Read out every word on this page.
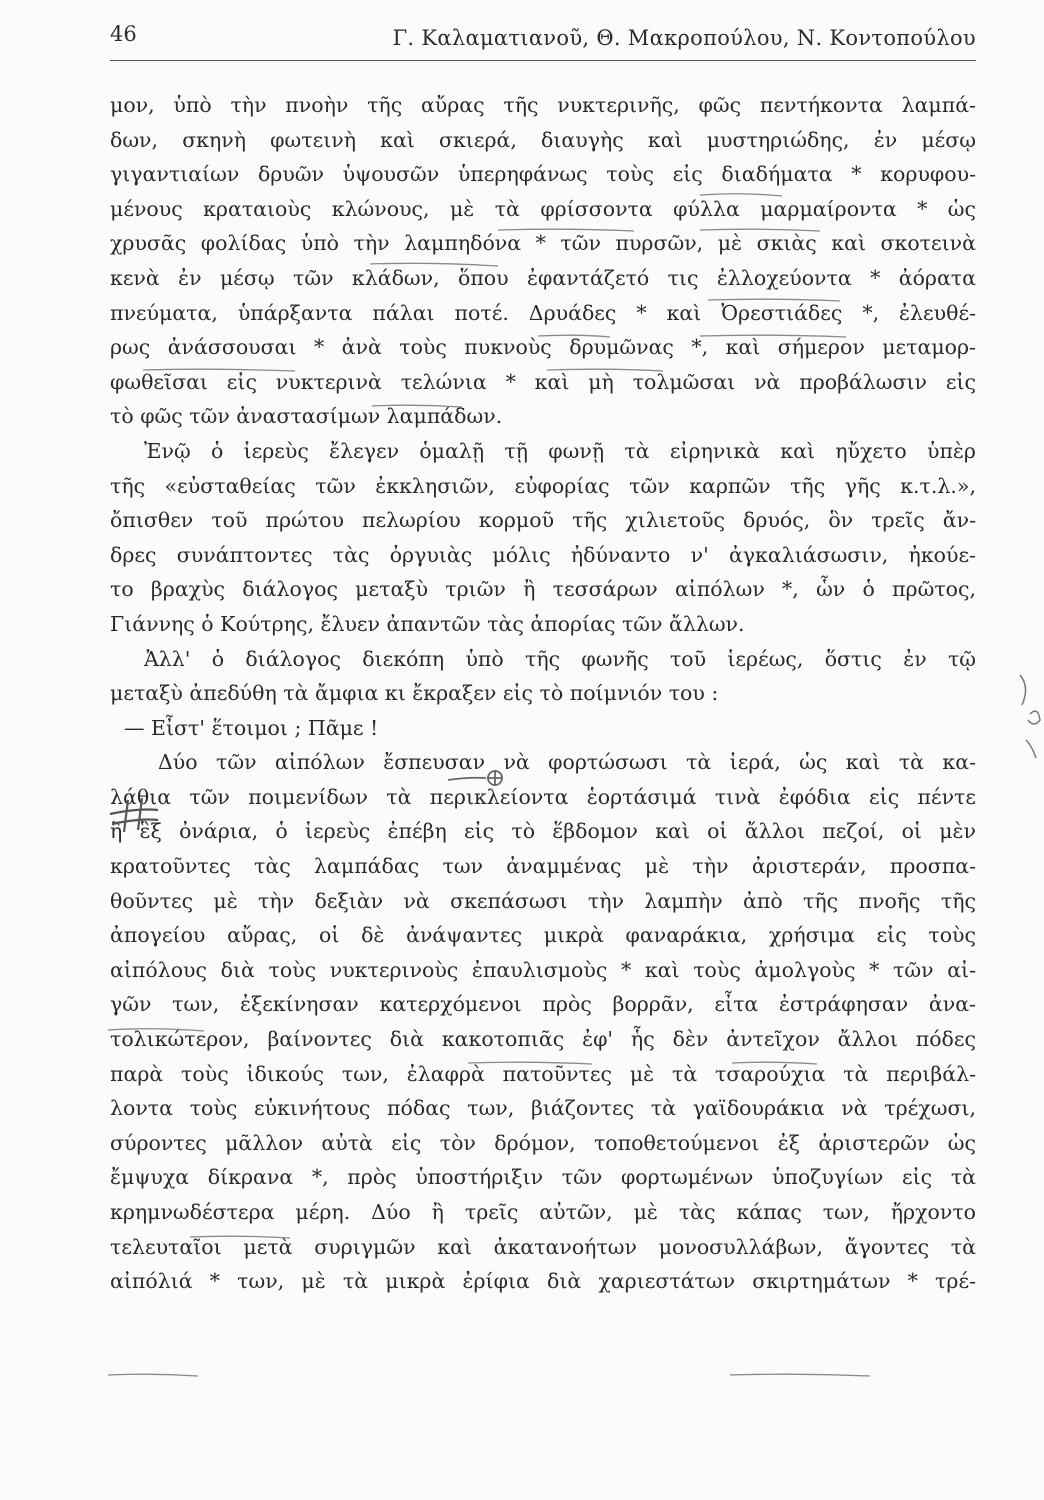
46	Γ. Καλαματιανοῦ, Θ. Μακροπούλου, Ν. Κοντοπούλου
μον, ὑπὸ τὴν πνοὴν τῆς αὔρας τῆς νυκτερινῆς, φῶς πεντήκοντα λαμπά-
δων, σκηνὴ φωτεινὴ καὶ σκιερά, διαυγὴς καὶ μυστηριώδης, ἐν μέσῳ
γιγαντιαίων δρυῶν ὑψουσῶν ὑπερηφάνως τοὺς εἰς διαδήματα * κορυφου-
μένους κραταιοὺς κλώνους, μὲ τὰ φρίσσοντα φύλλα μαρμαίροντα * ὡς
χρυσᾶς φολίδας ὑπὸ τὴν λαμπηδόνα * τῶν πυρσῶν, μὲ σκιὰς καὶ σκοτεινὰ
κενὰ ἐν μέσῳ τῶν κλάδων, ὅπου ἐφαντάζετό τις ἐλλοχεύοντα * ἀόρατα
πνεύματα, ὑπάρξαντα πάλαι ποτέ. Δρυάδες * καὶ Ὀρεστιάδες *, ἐλευθέ-
ρως ἀνάσσουσαι * ἀνὰ τοὺς πυκνοὺς δρυμῶνας *, καὶ σήμερον μεταμορ-
φωθεῖσαι εἰς νυκτερινὰ τελώνια * καὶ μὴ τολμῶσαι νὰ προβάλωσιν εἰς
τὸ φῶς τῶν ἀναστασίμων λαμπάδων.
Ἐνῷ ὁ ἱερεὺς ἔλεγεν ὁμαλῇ τῇ φωνῇ τὰ εἰρηνικὰ καὶ ηὔχετο ὑπὲρ
τῆς «εὐσταθείας τῶν ἐκκλησιῶν, εὐφορίας τῶν καρπῶν τῆς γῆς κ.τ.λ.»,
ὄπισθεν τοῦ πρώτου πελωρίου κορμοῦ τῆς χιλιετοῦς δρυός, ὃν τρεῖς ἄν-
δρες συνάπτοντες τὰς ὀργυιὰς μόλις ἠδύναντο ν' ἀγκαλιάσωσιν, ἠκούε-
το βραχὺς διάλογος μεταξὺ τριῶν ἢ τεσσάρων αἰπόλων *, ὧν ὁ πρῶτος,
Γιάννης ὁ Κούτρης, ἔλυεν ἀπαντῶν τὰς ἀπορίας τῶν ἄλλων.
Ἀλλ' ὁ διάλογος διεκόπη ὑπὸ τῆς φωνῆς τοῦ ἱερέως, ὅστις ἐν τῷ
μεταξὺ ἀπεδύθη τὰ ἄμφια κι ἔκραξεν εἰς τὸ ποίμνιόν του :
— Εἶστ' ἕτοιμοι ; Πᾶμε !
Δύο τῶν αἰπόλων ἔσπευσαν νὰ φορτώσωσι τὰ ἱερά, ὡς καὶ τὰ κα-
λάθια τῶν ποιμενίδων τὰ περικλείοντα ἑορτάσιμά τινὰ ἐφόδια εἰς πέντε
ἢ ἓξ ὀνάρια, ὁ ἱερεὺς ἐπέβη εἰς τὸ ἕβδομον καὶ οἱ ἄλλοι πεζοί, οἱ μὲν
κρατοῦντες τὰς λαμπάδας των ἀναμμένας μὲ τὴν ἀριστεράν, προσπα-
θοῦντες μὲ τὴν δεξιὰν νὰ σκεπάσωσι τὴν λαμπὴν ἀπὸ τῆς πνοῆς τῆς
ἀπογείου αὔρας, οἱ δὲ ἀνάψαντες μικρὰ φαναράκια, χρήσιμα εἰς τοὺς
αἰπόλους διὰ τοὺς νυκτερινοὺς ἐπαυλισμοὺς * καὶ τοὺς ἀμολγοὺς * τῶν αἰ-
γῶν των, ἐξεκίνησαν κατερχόμενοι πρὸς βορρᾶν, εἶτα ἐστράφησαν ἀνα-
τολικώτερον, βαίνοντες διὰ κακοτοπιᾶς ἐφ' ἧς δὲν ἀντεῖχον ἄλλοι πόδες
παρὰ τοὺς ἰδικούς των, ἐλαφρὰ πατοῦντες μὲ τὰ τσαρούχια τὰ περιβάλ-
λοντα τοὺς εὐκινήτους πόδας των, βιάζοντες τὰ γαϊδουράκια νὰ τρέχωσι,
σύροντες μᾶλλον αὐτὰ εἰς τὸν δρόμον, τοποθετούμενοι ἐξ ἀριστερῶν ὡς
ἔμψυχα δίκρανα *, πρὸς ὑποστήριξιν τῶν φορτωμένων ὑποζυγίων εἰς τὰ
κρημνωδέστερα μέρη. Δύο ἢ τρεῖς αὐτῶν, μὲ τὰς κάπας των, ἤρχοντο
τελευταῖοι μετὰ συριγμῶν καὶ ἀκατανοήτων μονοσυλλάβων, ἄγοντες τὰ
αἰπόλιά * των, μὲ τὰ μικρὰ ἐρίφια διὰ χαριεστάτων σκιρτημάτων * τρέ-
